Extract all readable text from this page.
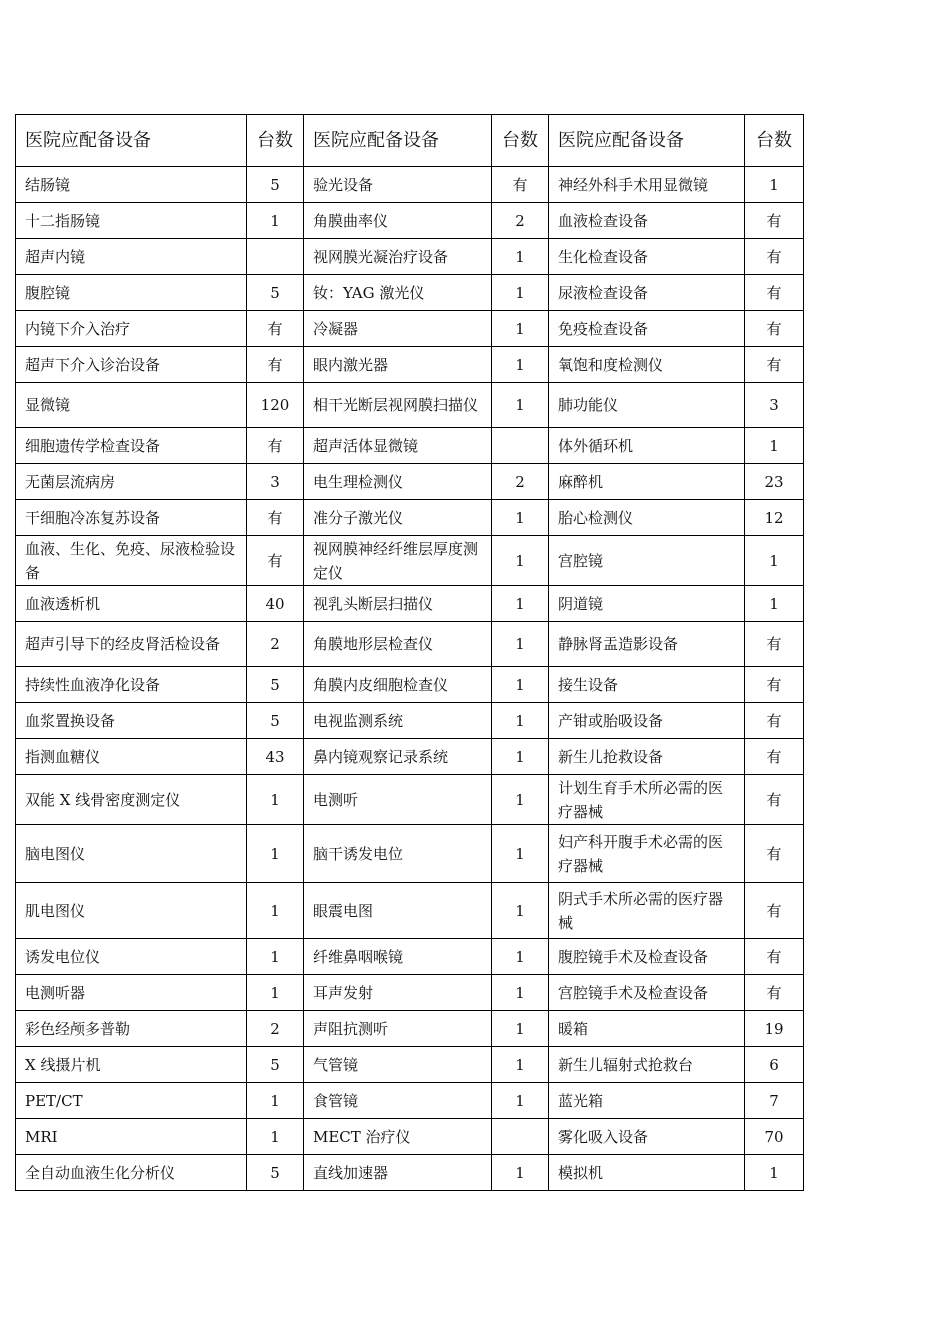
医院应配备设备	台数	医院应配备设备	台数	医院应配备设备	台数
结肠镜	5	验光设备	有	神经外科手术用显微镜	1
十二指肠镜	1	角膜曲率仪	2	血液检查设备	有
超声内镜		视网膜光凝治疗设备	1	生化检查设备	有
腹腔镜	5	钕：YAG 激光仪	1	尿液检查设备	有
内镜下介入治疗	有	冷凝器	1	免疫检查设备	有
超声下介入诊治设备	有	眼内激光器	1	氧饱和度检测仪	有
显微镜	120	相干光断层视网膜扫描仪	1	肺功能仪	3
细胞遗传学检查设备	有	超声活体显微镜		体外循环机	1
无菌层流病房	3	电生理检测仪	2	麻醉机	23
干细胞冷冻复苏设备	有	准分子激光仪	1	胎心检测仪	12
血液、生化、免疫、尿液检验设备	有	视网膜神经纤维层厚度测定仪	1	宫腔镜	1
血液透析机	40	视乳头断层扫描仪	1	阴道镜	1
超声引导下的经皮肾活检设备	2	角膜地形层检查仪	1	静脉肾盂造影设备	有
持续性血液净化设备	5	角膜内皮细胞检查仪	1	接生设备	有
血浆置换设备	5	电视监测系统	1	产钳或胎吸设备	有
指测血糖仪	43	鼻内镜观察记录系统	1	新生儿抢救设备	有
双能 X 线骨密度测定仪	1	电测听	1	计划生育手术所必需的医疗器械	有
脑电图仪	1	脑干诱发电位	1	妇产科开腹手术必需的医疗器械	有
肌电图仪	1	眼震电图	1	阴式手术所必需的医疗器械	有
诱发电位仪	1	纤维鼻咽喉镜	1	腹腔镜手术及检查设备	有
电测听器	1	耳声发射	1	宫腔镜手术及检查设备	有
彩色经颅多普勒	2	声阻抗测听	1	暖箱	19
X 线摄片机	5	气管镜	1	新生儿辐射式抢救台	6
PET/CT	1	食管镜	1	蓝光箱	7
MRI	1	MECT 治疗仪		雾化吸入设备	70
全自动血液生化分析仪	5	直线加速器	1	模拟机	1
